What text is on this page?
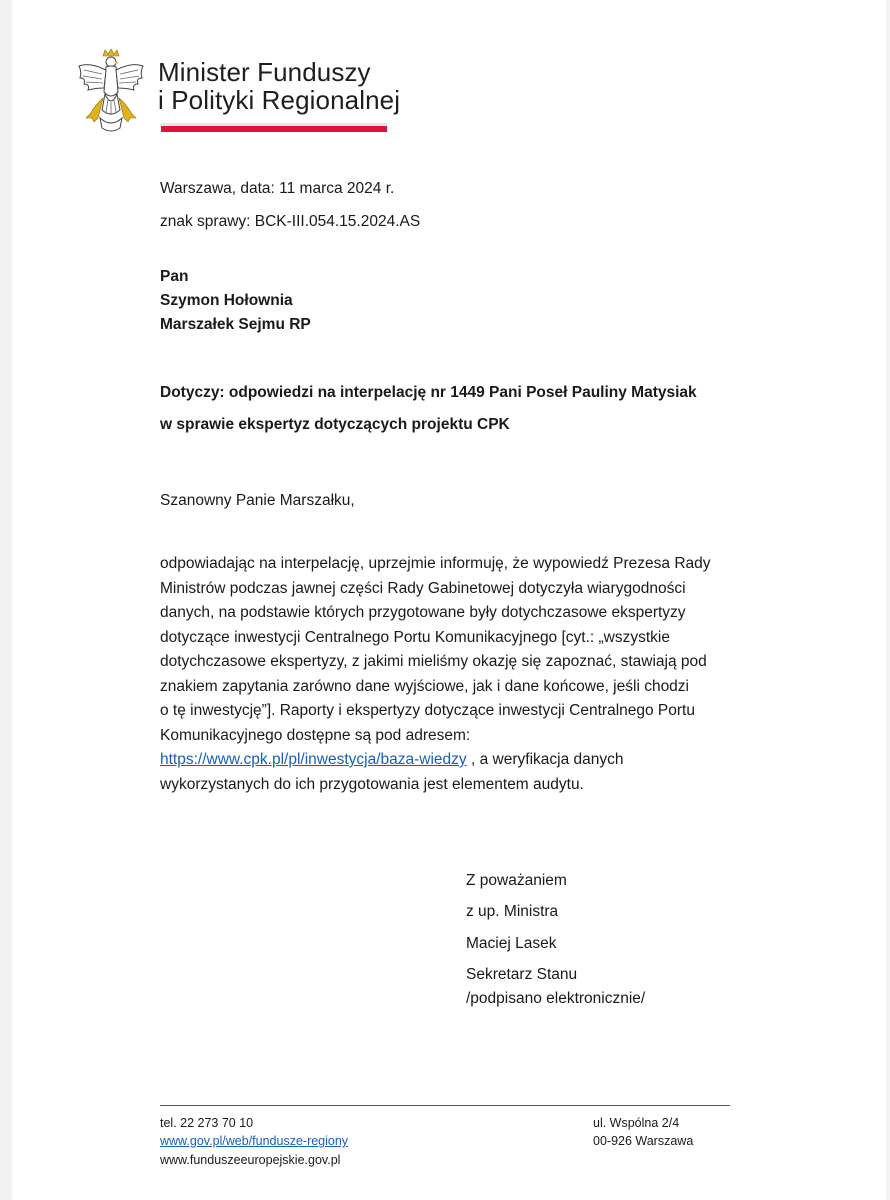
Minister Funduszy
i Polityki Regionalnej
Warszawa, data: 11 marca 2024 r.
znak sprawy: BCK-III.054.15.2024.AS
Pan
Szymon Hołownia
Marszałek Sejmu RP
Dotyczy: odpowiedzi na interpelację nr 1449 Pani Poseł Pauliny Matysiak
w sprawie ekspertyz dotyczących projektu CPK
Szanowny Panie Marszałku,
odpowiadając na interpelację, uprzejmie informuję, że wypowiedź Prezesa Rady
Ministrów podczas jawnej części Rady Gabinetowej dotyczyła wiarygodności
danych, na podstawie których przygotowane były dotychczasowe ekspertyzy
dotyczące inwestycji Centralnego Portu Komunikacyjnego [cyt.: „wszystkie
dotychczasowe ekspertyzy, z jakimi mieliśmy okazję się zapoznać, stawiają pod
znakiem zapytania zarówno dane wyjściowe, jak i dane końcowe, jeśli chodzi
o tę inwestycję”]. Raporty i ekspertyzy dotyczące inwestycji Centralnego Portu
Komunikacyjnego dostępne są pod adresem:
https://www.cpk.pl/pl/inwestycja/baza-wiedzy , a weryfikacja danych
wykorzystanych do ich przygotowania jest elementem audytu.
Z poważaniem
z up. Ministra
Maciej Lasek
Sekretarz Stanu
/podpisano elektronicznie/
tel. 22 273 70 10
www.gov.pl/web/fundusze-regiony
www.funduszeeuropejskie.gov.pl
ul. Wspólna 2/4
00-926 Warszawa
